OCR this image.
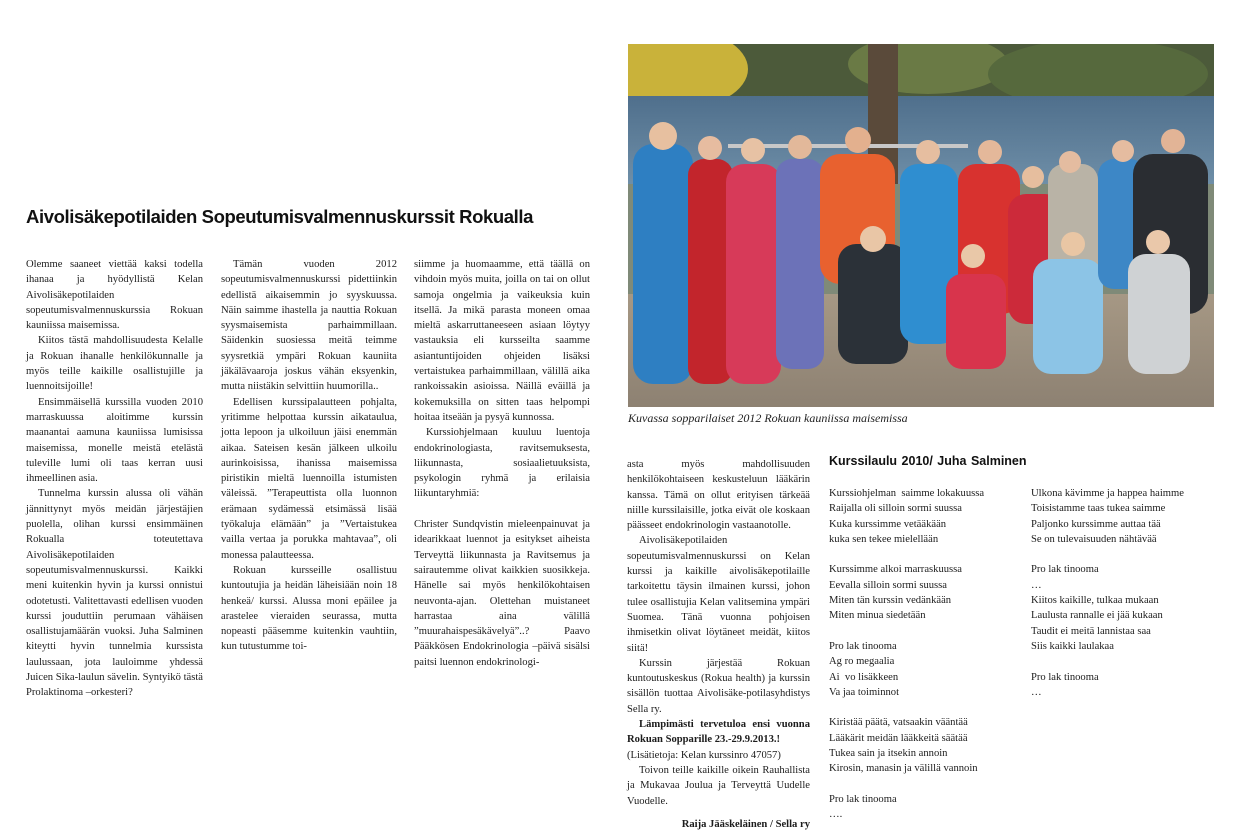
Aivolisäkepotilaiden Sopeutumisvalmennuskurssit Rokualla

Olemme saaneet viettää kaksi todella ihanaa ja hyödyllistä Kelan Aivolisäkepotilaiden sopeutumisvalmennuskurssia Rokuan kauniissa maisemissa.

Kiitos tästä mahdollisuudesta Kelalle ja Rokuan ihanalle henkilökunnalle ja myös teille kaikille osallistujille ja luennoitsijoille!

Ensimmäisellä kurssilla vuoden 2010 marraskuussa aloitimme kurssin maanantai aamuna kauniissa lumisissa maisemissa, monelle meistä etelästä tuleville lumi oli taas kerran uusi ihmeellinen asia.

Tunnelma kurssin alussa oli vähän jännittynyt myös meidän järjestäjien puolella, olihan kurssi ensimmäinen Rokualla toteutettava Aivolisäkepotilaiden sopeutumisvalmennuskurssi. Kaikki meni kuitenkin hyvin ja kurssi onnistui odotetusti. Valitettavasti edellisen vuoden kurssi jouduttiin perumaan vähäisen osallistujamäärän vuoksi. Juha Salminen kiteytti hyvin tunnelmia kurssista laulussaan, jota lauloimme yhdessä Juicen Sika-laulun sävelin. Syntyikö tästä Prolaktinoma –orkesteri?

Tämän vuoden 2012 sopeutumisvalmennuskurssi pidettiinkin edellistä aikaisemmin jo syyskuussa. Näin saimme ihastella ja nauttia Rokuan syysmaisemista parhaimmillaan. Säidenkin suosiessa meitä teimme syysretkiä ympäri Rokuan kauniita jäkälävaaroja joskus vähän eksyenkin, mutta niistäkin selvittiin huumorilla..

Edellisen kurssipalautteen pohjalta, yritimme helpottaa kurssin aikataulua, jotta lepoon ja ulkoiluun jäisi enemmän aikaa. Sateisen kesän jälkeen ulkoilu aurinkoisissa, ihanissa maisemissa piristikin mieltä luennoilla istumisten väleissä. ”Terapeuttista olla luonnon erämaan sydämessä etsimässä lisää työkaluja elämään” ja ”Vertaistukea vailla vertaa ja porukka mahtavaa”, oli monessa palautteessa.

Rokuan kursseille osallistuu kuntoutujia ja heidän läheisiään noin 18 henkeä/ kurssi. Alussa moni epäilee ja arastelee vieraiden seurassa, mutta nopeasti pääsemme kuitenkin vauhtiin, kun tutustumme toi-

siimme ja huomaamme, että täällä on vihdoin myös muita, joilla on tai on ollut samoja ongelmia ja vaikeuksia kuin itsellä. Ja mikä parasta moneen omaa mieltä askarruttaneeseen asiaan löytyy vastauksia eli kursseilta saamme asiantuntijoiden ohjeiden lisäksi vertaistukea parhaimmillaan, välillä aika rankoissakin asioissa. Näillä eväillä ja kokemuksilla on sitten taas helpompi hoitaa itseään ja pysyä kunnossa.

Kurssiohjelmaan kuuluu luentoja endokrinologiasta, ravitsemuksesta, liikunnasta, sosiaalietuuksista, psykologin ryhmä ja erilaisia liikuntaryhmiä:

Christer Sundqvistin mieleenpainuvat ja idearikkaat luennot ja esitykset aiheista Terveyttä liikunnasta ja Ravitsemus ja sairautemme olivat kaikkien suosikkeja. Hänelle sai myös henkilökohtaisen neuvonta-ajan. Olettehan muistaneet harrastaa aina välillä ”muurahaispesäkävelyä”..? Paavo Pääkkösen Endokrinologia –päivä sisälsi paitsi luennon endokrinologi-

Kuvassa sopparilaiset 2012 Rokuan kauniissa maisemissa

asta myös mahdollisuuden henkilökohtaiseen keskusteluun lääkärin kanssa. Tämä on ollut erityisen tärkeää niille kurssilaisille, jotka eivät ole koskaan päässeet endokrinologin vastaanotolle.

Aivolisäkepotilaiden sopeutumisvalmennuskurssi on Kelan kurssi ja kaikille aivolisäkepotilaille tarkoitettu täysin ilmainen kurssi, johon tulee osallistujia Kelan valitsemina ympäri Suomea. Tänä vuonna pohjoisen ihmisetkin olivat löytäneet meidät, kiitos siitä!

Kurssin järjestää Rokuan kuntoutuskeskus (Rokua health) ja kurssin sisällön tuottaa Aivolisäke-potilasyhdistys Sella ry.

Lämpimästi tervetuloa ensi vuonna Rokuan Sopparille 23.-29.9.2013.!

(Lisätietoja: Kelan kurssinro 47057)

Toivon teille kaikille oikein Rauhallista ja Mukavaa Joulua ja Terveyttä Uudelle Vuodelle.

Raija Jääskeläinen / Sella ry

Kurssilaulu 2010/ Juha Salminen
Kurssiohjelman  saimme lokakuussa
Raijalla oli silloin sormi suussa
Kuka kurssimme vetääkään
kuka sen tekee mielellään
Kurssimme alkoi marraskuussa
Eevalla silloin sormi suussa
Miten tän kurssin vedänkään
Miten minua siedetään
Pro lak tinooma
Ag ro megaalia
Ai  vo lisäkkeen
Va jaa toiminnot
Kiristää päätä, vatsaakin vääntää
Lääkärit meidän lääkkeitä säätää
Tukea sain ja itsekin annoin
Kirosin, manasin ja välillä vannoin
Pro lak tinooma
….
Ulkona kävimme ja happea haimme
Toisistamme taas tukea saimme
Paljonko kurssimme auttaa tää
Se on tulevaisuuden nähtävää
Pro lak tinooma
…
Kiitos kaikille, tulkaa mukaan
Laulusta rannalle ei jää kukaan
Taudit ei meitä lannistaa saa
Siis kaikki laulakaa
Pro lak tinooma
…
